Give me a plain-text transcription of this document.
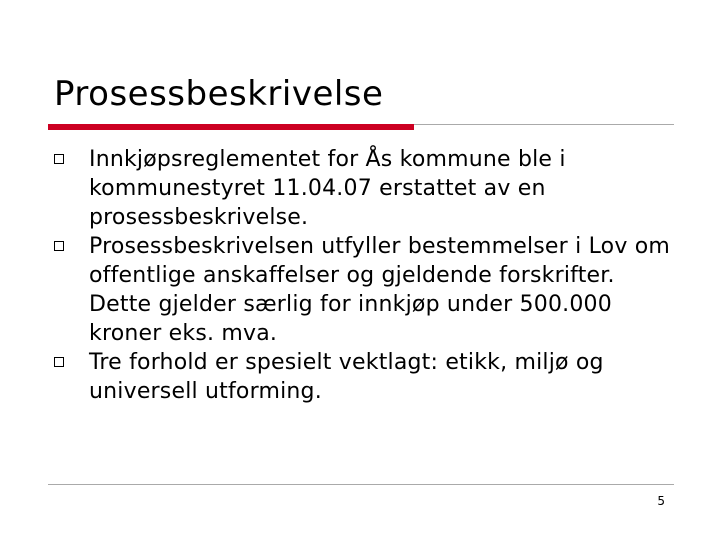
Prosessbeskrivelse
Innkjøpsreglementet for Ås kommune ble i kommunestyret 11.04.07 erstattet av en prosessbeskrivelse.
Prosessbeskrivelsen utfyller bestemmelser i Lov om offentlige anskaffelser og gjeldende forskrifter. Dette gjelder særlig for innkjøp under 500.000 kroner eks. mva.
Tre forhold er spesielt vektlagt: etikk, miljø og universell utforming.
5
